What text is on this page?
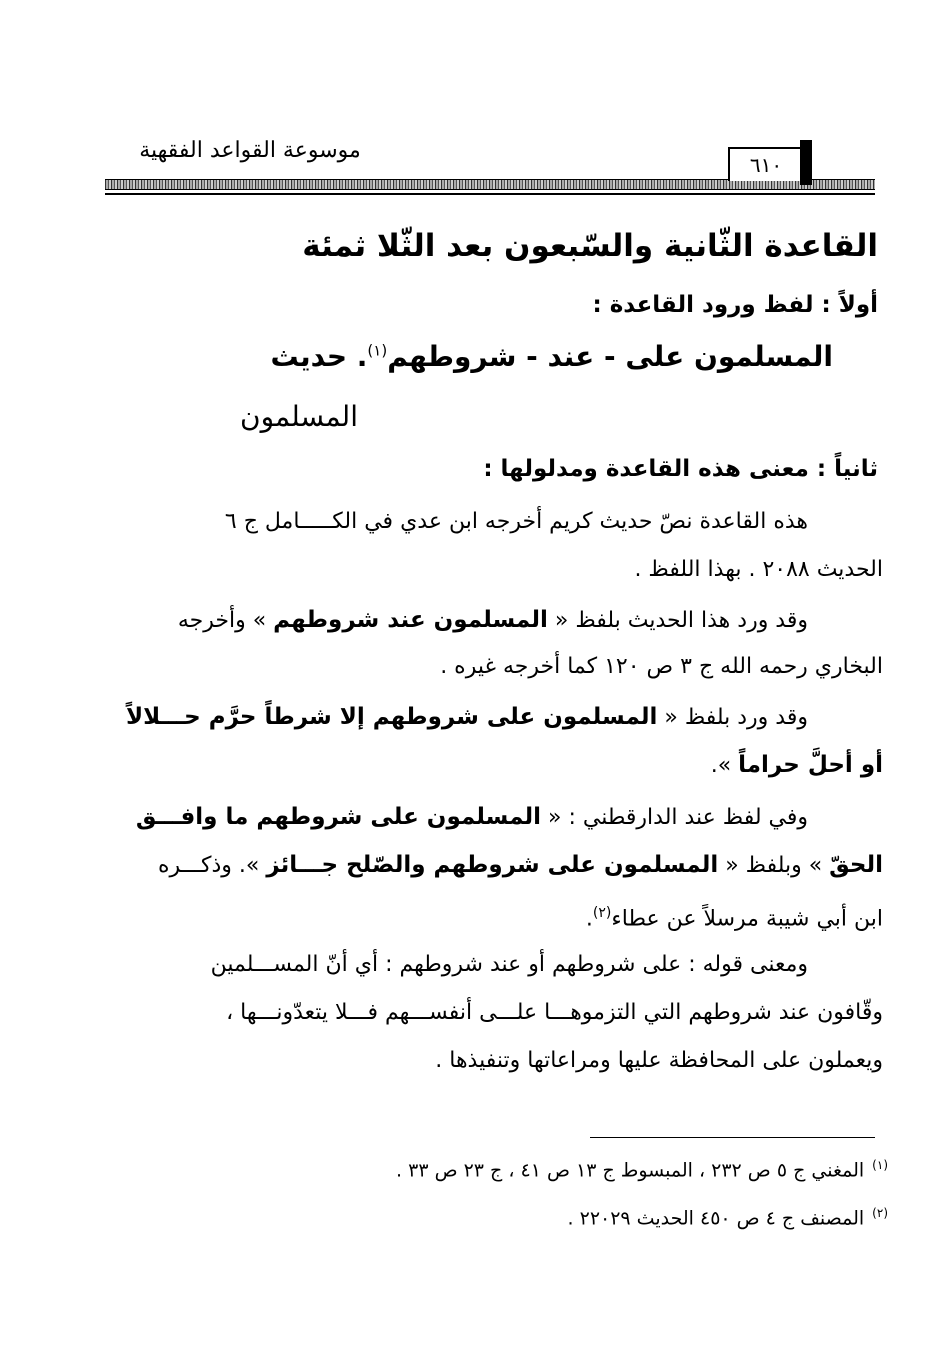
موسوعة القواعد الفقهية
٦١٠
القاعدة الثّانية والسّبعون بعد الثّلا ثمئة
أولاً : لفظ ورود القاعدة :
المسلمون على - عند - شروطهم$^{(١)}$. حديث
المسلمون
ثانياً : معنى هذه القاعدة ومدلولها :
هذه القاعدة نصّ حديث كريم أخرجه ابن عدي في الكـــــامل ج ٦
الحديث ٢٠٨٨ . بهذا اللفظ .
وقد ورد هذا الحديث بلفظ « المسلمون عند شروطهم » وأخرجه
البخاري رحمه الله ج ٣ ص ١٢٠ كما أخرجه غيره .
وقد ورد بلفظ « المسلمون على شروطهم إلا شرطاً حرَّم حـــلالاً
أو أحلَّ حراماً ».
وفي لفظ عند الدارقطني : « المسلمون على شروطهم ما وافـــق
الحقّ » وبلفظ « المسلمون على شروطهم والصّلح جـــائز ». وذكـــره
ابن أبي شيبة مرسلاً عن عطاء$^{(٢)}$.
ومعنى قوله : على شروطهم أو عند شروطهم : أي أنّ المســـلمين
وقّافون عند شروطهم التي التزموهـــا علـــى أنفســـهم فـــلا يتعدّونـــها ،
ويعملون على المحافظة عليها ومراعاتها وتنفيذها .
$^{(١)}$المغني ج ٥ ص ٢٣٢ ، المبسوط ج ١٣ ص ٤١ ، ج ٢٣ ص ٣٣ .
$^{(٢)}$المصنف ج ٤ ص ٤٥٠ الحديث ٢٢٠٢٩ .
